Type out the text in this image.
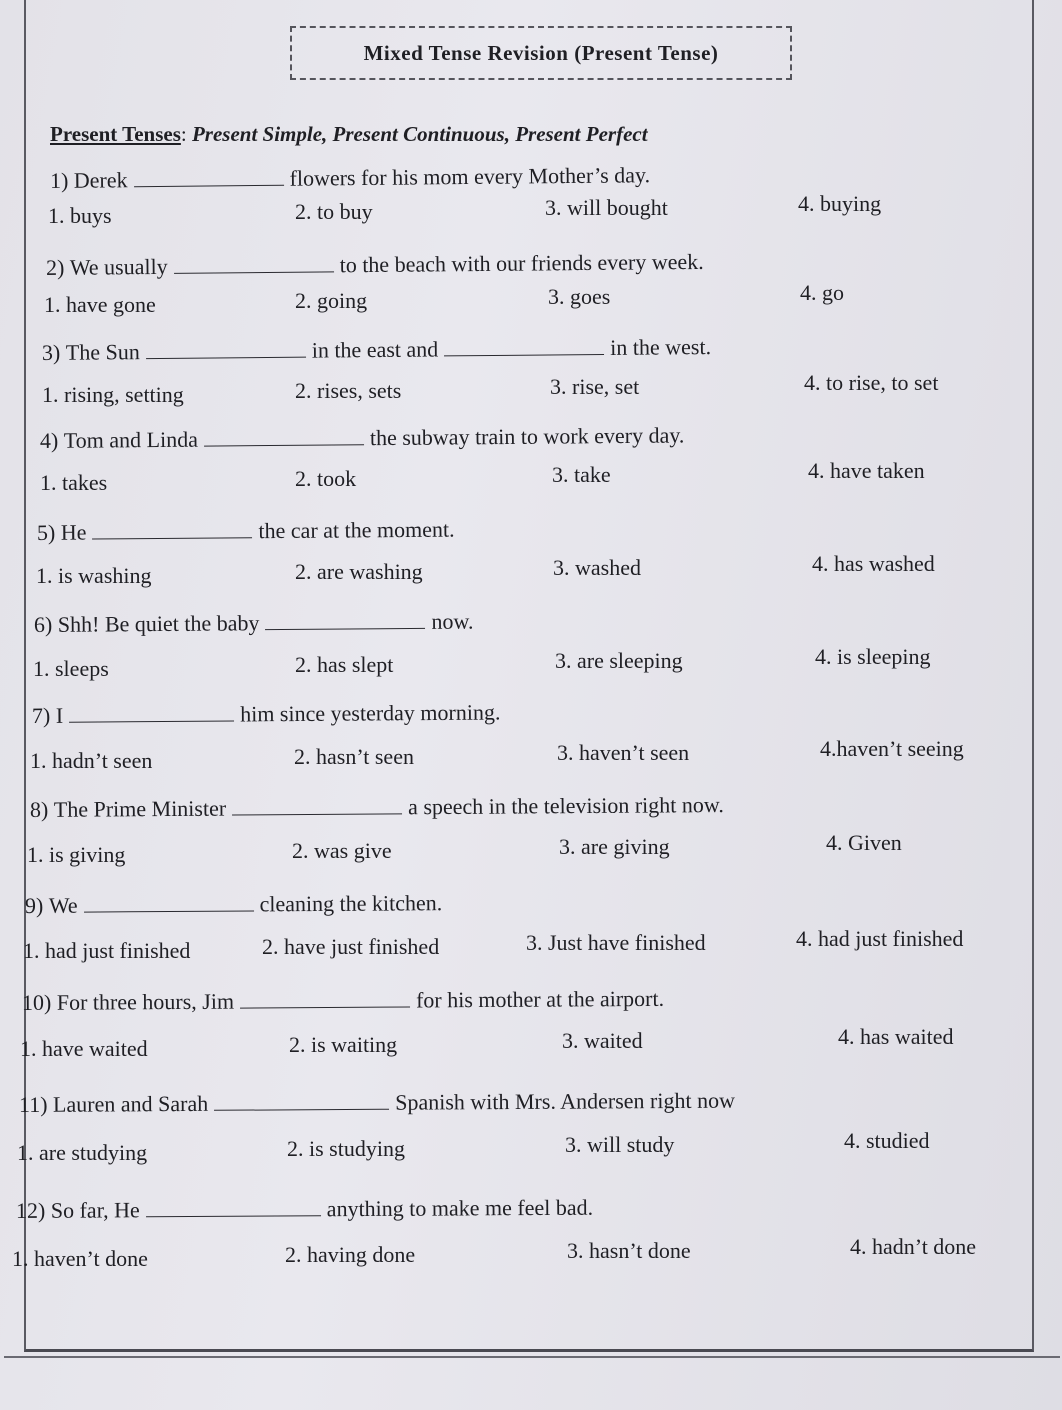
Mixed Tense Revision (Present Tense)
Present Tenses: Present Simple, Present Continuous, Present Perfect
1) Derek	flowers for his mom every Mother’s day.
1. buys	2. to buy	3. will bought	4. buying
2) We usually	to the beach with our friends every week.
1. have gone	2. going	3. goes	4. go
3) The Sun	in the east and	in the west.
1. rising, setting	2. rises, sets	3. rise, set	4. to rise, to set
4) Tom and Linda	the subway train to work every day.
1. takes	2. took	3. take	4. have taken
5) He	the car at the moment.
1. is washing	2. are washing	3. washed	4. has washed
6) Shh! Be quiet the baby	now.
1. sleeps	2. has slept	3. are sleeping	4. is sleeping
7) I	him since yesterday morning.
1. hadn’t seen	2. hasn’t seen	3. haven’t seen	4.haven’t seeing
8) The Prime Minister	a speech in the television right now.
1. is giving	2. was give	3. are giving	4. Given
9) We	cleaning the kitchen.
1. had just finished	2. have just finished	3. Just have finished	4. had just finished
10) For three hours, Jim	for his mother at the airport.
1. have waited	2. is waiting	3. waited	4. has waited
11) Lauren and Sarah	Spanish with Mrs. Andersen right now
1. are studying	2. is studying	3. will study	4. studied
12) So far, He	anything to make me feel bad.
1. haven’t done	2. having done	3. hasn’t done	4. hadn’t done
